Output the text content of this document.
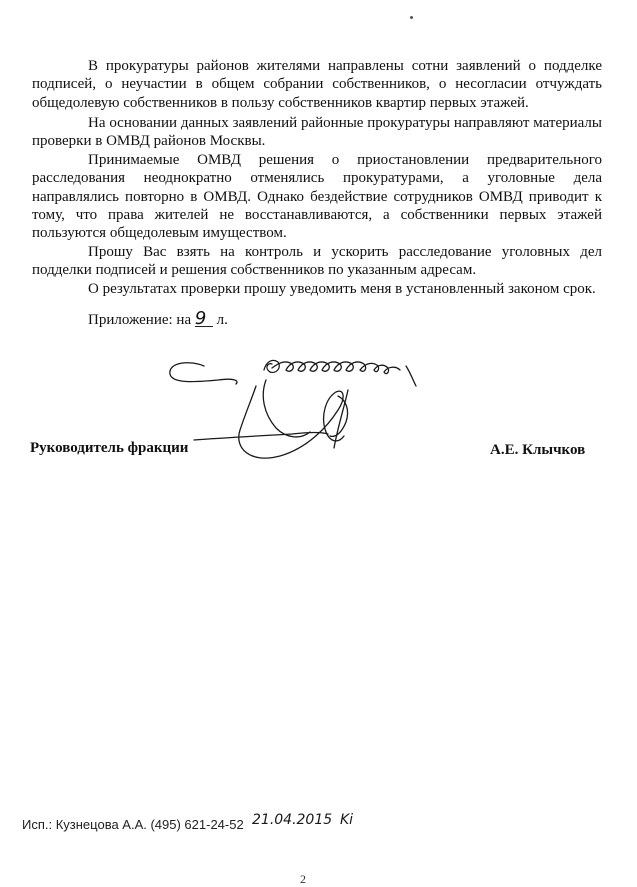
В прокуратуры районов жителями направлены сотни заявлений о подделке подписей, о неучастии в общем собрании собственников, о несогласии отчуждать общедолевую собственников в пользу собственников квартир первых этажей.

На основании данных заявлений районные прокуратуры направляют материалы проверки в ОМВД районов Москвы.

Принимаемые ОМВД решения о приостановлении предварительного расследования неоднократно отменялись прокуратурами, а уголовные дела направлялись повторно в ОМВД. Однако бездействие сотрудников ОМВД приводит к тому, что права жителей не восстанавливаются, а собственники первых этажей пользуются общедолевым имуществом.

Прошу Вас взять на контроль и ускорить расследование уголовных дел подделки подписей и решения собственников по указанным адресам.

О результатах проверки прошу уведомить меня в установленный законом срок.

Приложение: на 9 л.

Руководитель фракции	А.Е. Клычков
Исп.: Кузнецова А.А. (495) 621-24-52 21.04.2015 Ki
2
